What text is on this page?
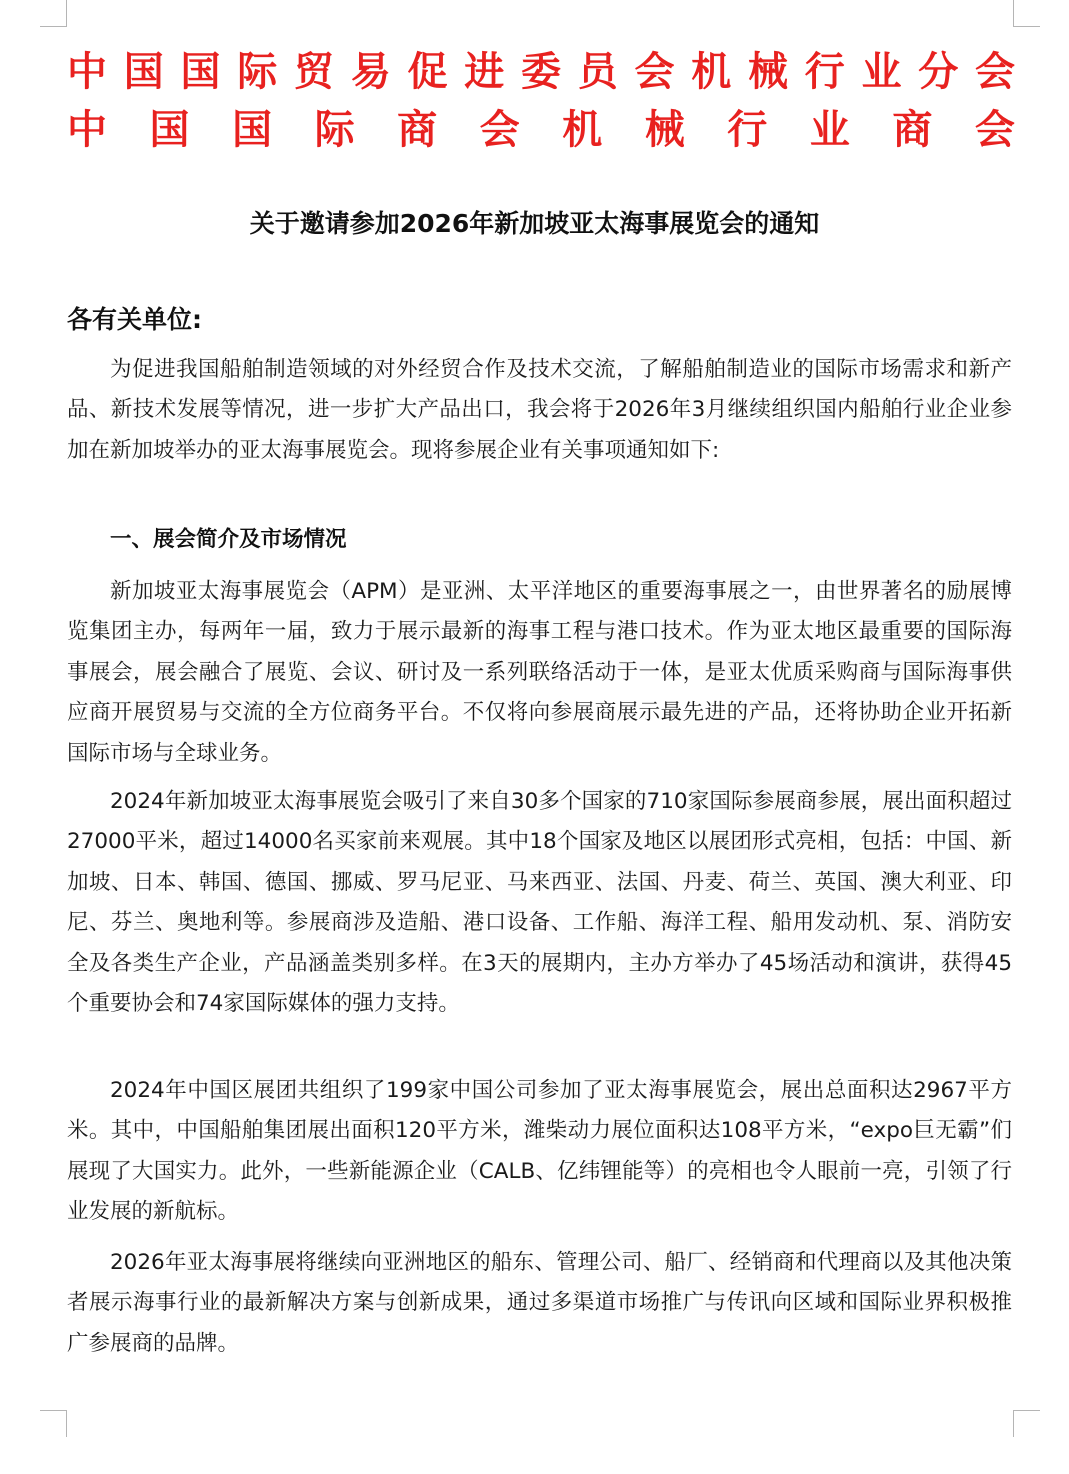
中 国 国 际 贸 易 促 进 委 员 会 机 械 行 业 分 会
中 国 国 际 商 会 机 械 行 业 商 会
关于邀请参加2026年新加坡亚太海事展览会的通知
各有关单位:

为促进我国船舶制造领域的对外经贸合作及技术交流，了解船舶制造业的国际市场需求和新产品、新技术发展等情况，进一步扩大产品出口，我会将于2026年3月继续组织国内船舶行业企业参加在新加坡举办的亚太海事展览会。现将参展企业有关事项通知如下:

一、展会简介及市场情况

新加坡亚太海事展览会（APM）是亚洲、太平洋地区的重要海事展之一，由世界著名的励展博览集团主办，每两年一届，致力于展示最新的海事工程与港口技术。作为亚太地区最重要的国际海事展会，展会融合了展览、会议、研讨及一系列联络活动于一体，是亚太优质采购商与国际海事供应商开展贸易与交流的全方位商务平台。不仅将向参展商展示最先进的产品，还将协助企业开拓新国际市场与全球业务。

2024年新加坡亚太海事展览会吸引了来自30多个国家的710家国际参展商参展，展出面积超过27000平米，超过14000名买家前来观展。其中18个国家及地区以展团形式亮相，包括：中国、新加坡、日本、韩国、德国、挪威、罗马尼亚、马来西亚、法国、丹麦、荷兰、英国、澳大利亚、印尼、芬兰、奥地利等。参展商涉及造船、港口设备、工作船、海洋工程、船用发动机、泵、消防安全及各类生产企业，产品涵盖类别多样。在3天的展期内，主办方举办了45场活动和演讲，获得45个重要协会和74家国际媒体的强力支持。

2024年中国区展团共组织了199家中国公司参加了亚太海事展览会，展出总面积达2967平方米。其中，中国船舶集团展出面积120平方米，潍柴动力展位面积达108平方米，“expo巨无霸”们展现了大国实力。此外，一些新能源企业（CALB、亿纬锂能等）的亮相也令人眼前一亮，引领了行业发展的新航标。

2026年亚太海事展将继续向亚洲地区的船东、管理公司、船厂、经销商和代理商以及其他决策者展示海事行业的最新解决方案与创新成果，通过多渠道市场推广与传讯向区域和国际业界积极推广参展商的品牌。
